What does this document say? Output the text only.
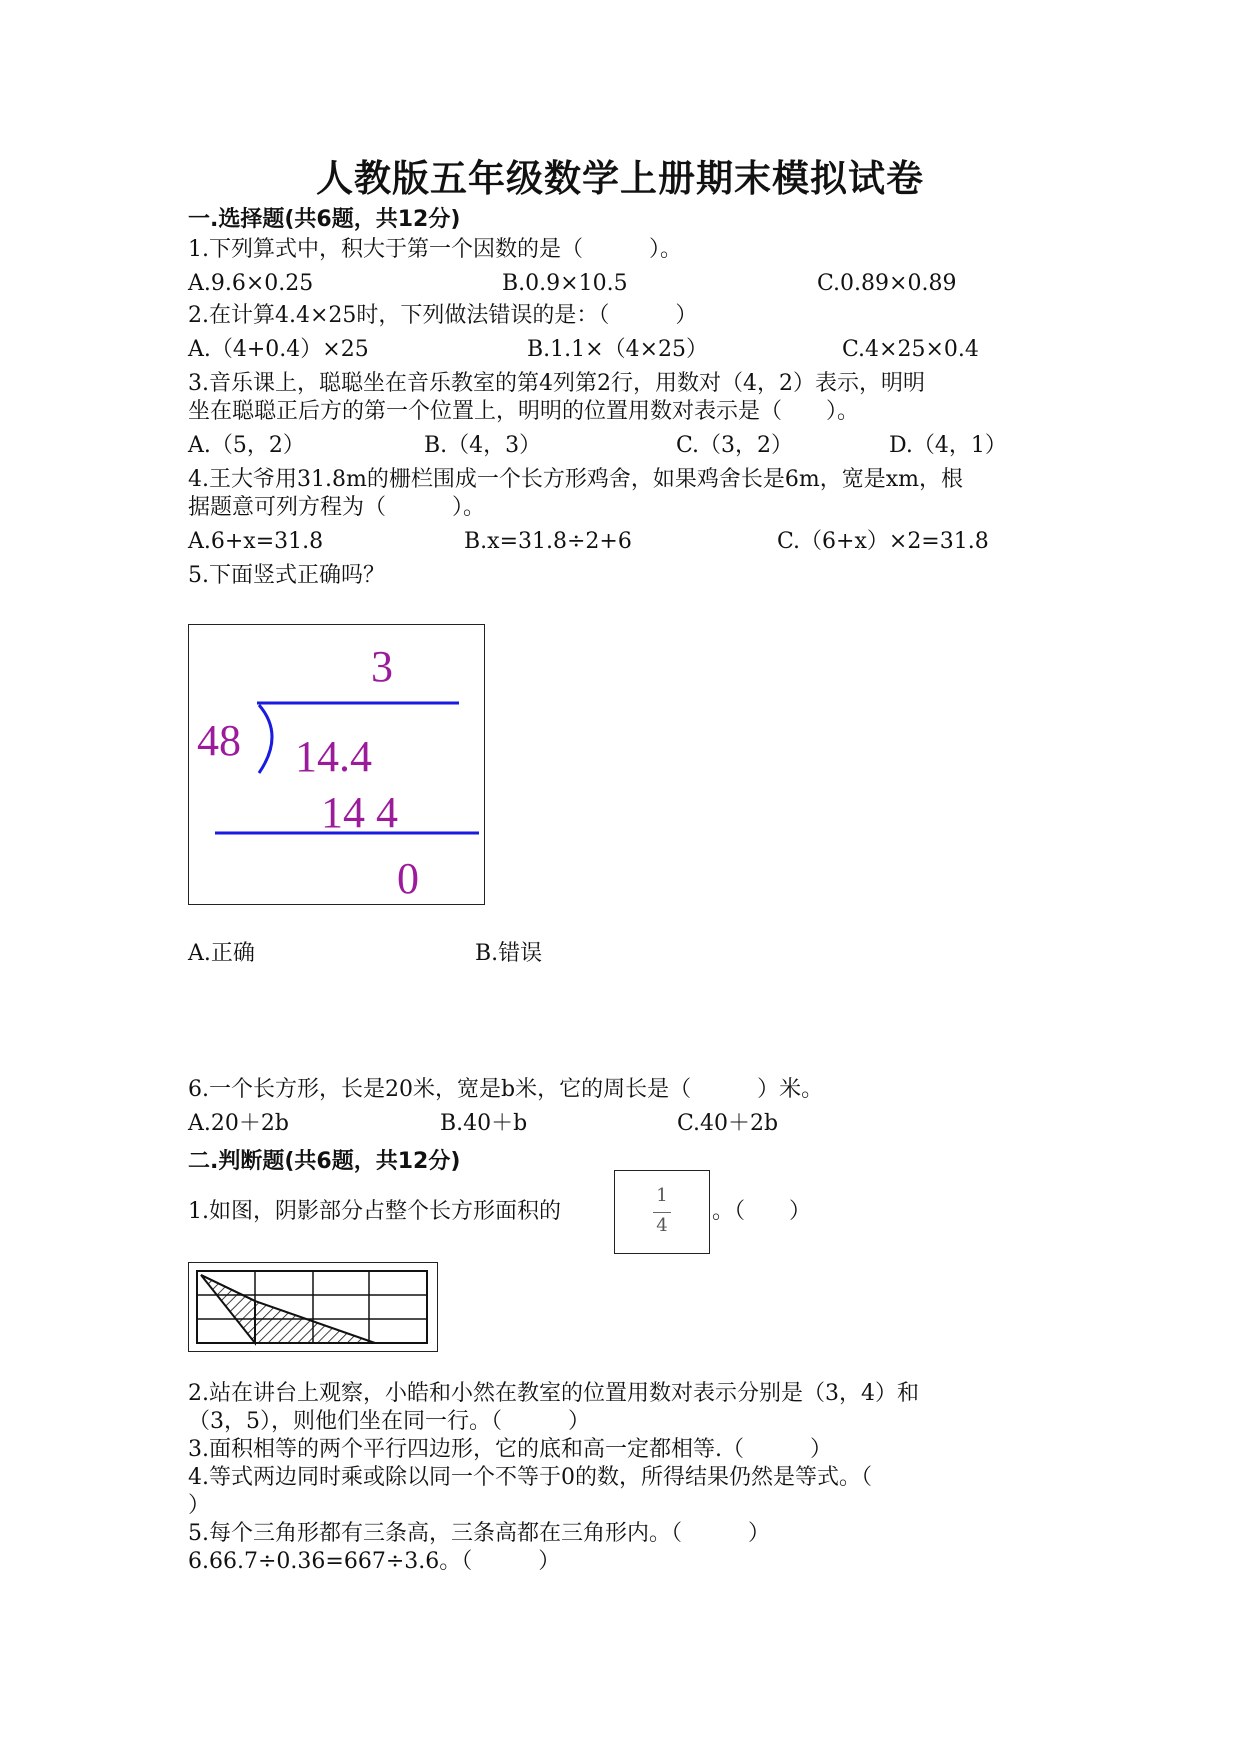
人教版五年级数学上册期末模拟试卷
一.选择题(共6题，共12分)
1.下列算式中，积大于第一个因数的是（　　　）。
A.9.6×0.25	B.0.9×10.5	C.0.89×0.89
2.在计算4.4×25时，下列做法错误的是：（　　　）
A.（4+0.4）×25	B.1.1×（4×25）	C.4×25×0.4
3.音乐课上，聪聪坐在音乐教室的第4列第2行，用数对（4，2）表示，明明
坐在聪聪正后方的第一个位置上，明明的位置用数对表示是（　　）。
A.（5，2）	B.（4，3）	C.（3，2）	D.（4，1）
4.王大爷用31.8m的栅栏围成一个长方形鸡舍，如果鸡舍长是6m，宽是xm，根
据题意可列方程为（　　　）。
A.6+x=31.8	B.x=31.8÷2+6	C.（6+x）×2=31.8
5.下面竖式正确吗？
3
48 14.4
14 4
0
A.正确	B.错误
6.一个长方形，长是20米，宽是b米，它的周长是（　　　）米。
A.20＋2b	B.40＋b	C.40＋2b
二.判断题(共6题，共12分)
1.如图，阴影部分占整个长方形面积的
1
4
。（　　）
2.站在讲台上观察，小皓和小然在教室的位置用数对表示分别是（3，4）和
（3，5），则他们坐在同一行。（　　　）
3.面积相等的两个平行四边形，它的底和高一定都相等.（　　　）
4.等式两边同时乘或除以同一个不等于0的数，所得结果仍然是等式。（
）
5.每个三角形都有三条高，三条高都在三角形内。（　　　）
6.66.7÷0.36=667÷3.6。（　　　）
